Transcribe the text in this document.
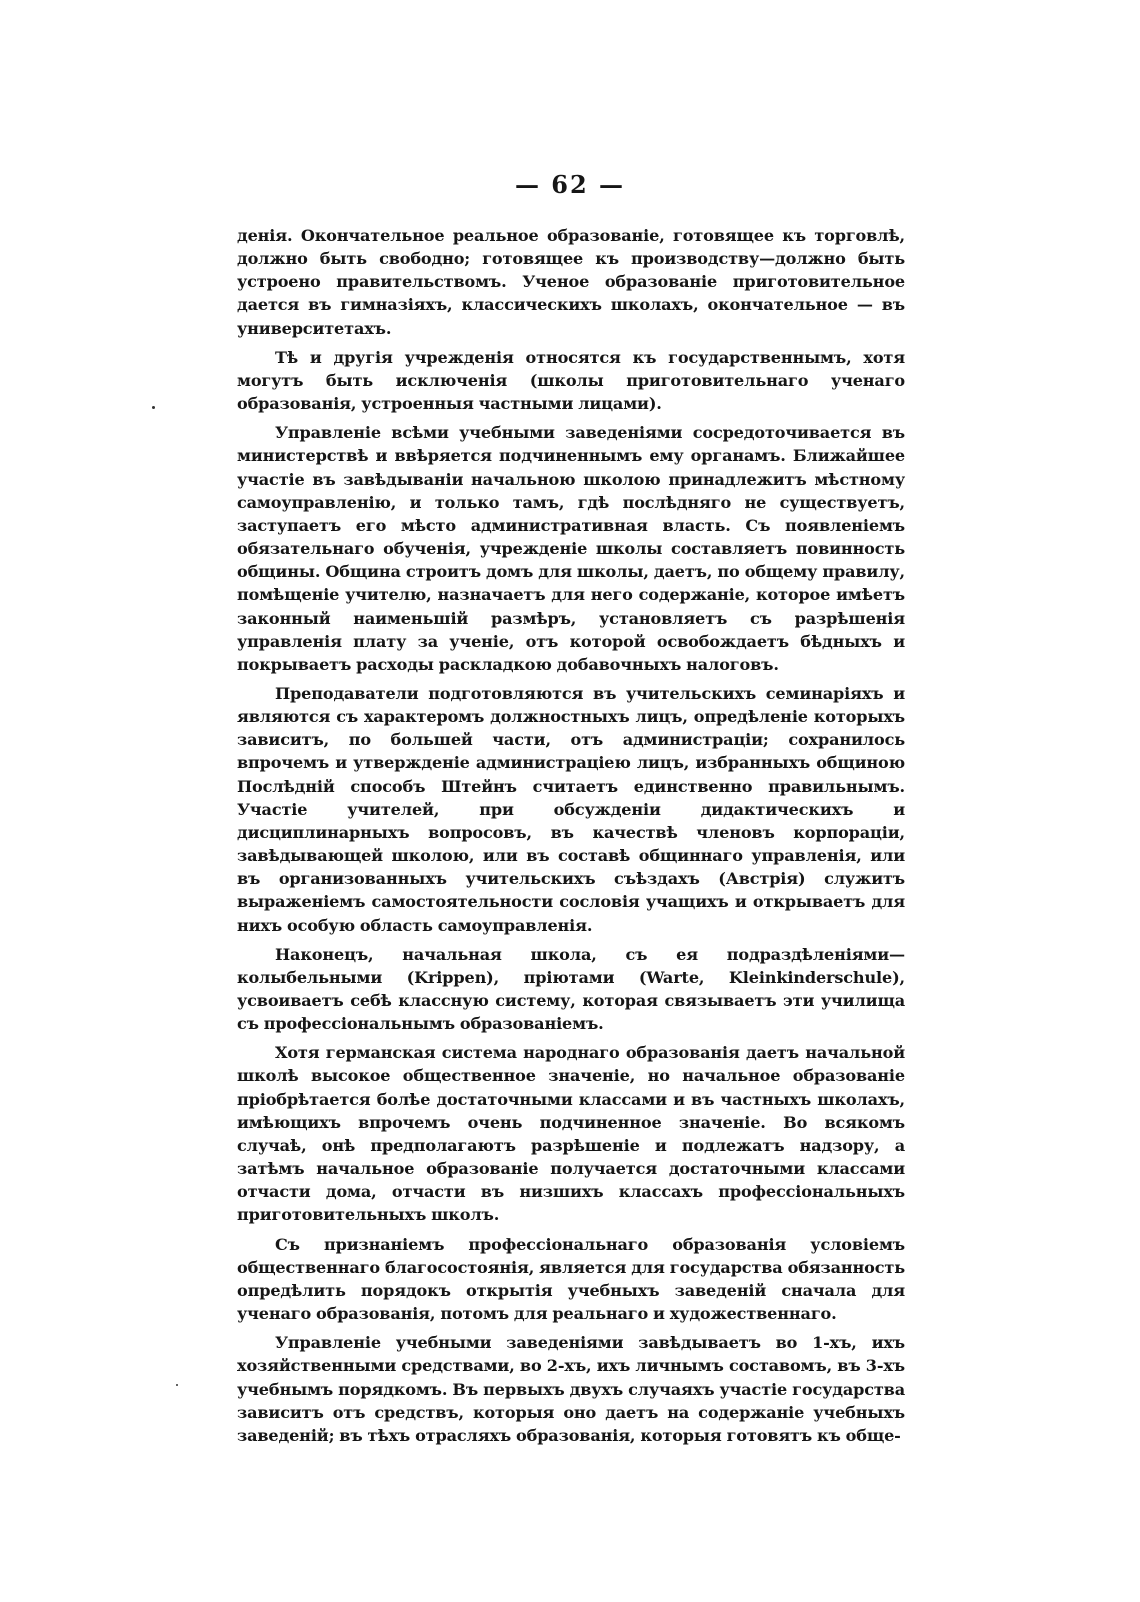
— 62 —

денія. Окончательное реальное образованіе, готовящее къ торговлѣ, должно быть свободно; готовящее къ производству—должно быть устроено правительствомъ. Ученое образованіе приготовительное дается въ гимназіяхъ, классическихъ школахъ, окончательное — въ университетахъ.

Тѣ и другія учрежденія относятся къ государственнымъ, хотя могутъ быть исключенія (школы приготовительнаго ученаго образованія, устроенныя частными лицами).

Управленіе всѣми учебными заведеніями сосредоточивается въ министерствѣ и ввѣряется подчиненнымъ ему органамъ. Ближайшее участіе въ завѣдываніи начальною школою принадлежитъ мѣстному самоуправленію, и только тамъ, гдѣ послѣдняго не существуетъ, заступаетъ его мѣсто административная власть. Съ появленіемъ обязательнаго обученія, учрежденіе школы составляетъ повинность общины. Община строитъ домъ для школы, даетъ, по общему правилу, помѣщеніе учителю, назначаетъ для него содержаніе, которое имѣетъ законный наименьшій размѣръ, установляетъ съ разрѣшенія управленія плату за ученіе, отъ которой освобождаетъ бѣдныхъ и покрываетъ расходы раскладкою добавочныхъ налоговъ.

Преподаватели подготовляются въ учительскихъ семинаріяхъ и являются съ характеромъ должностныхъ лицъ, опредѣленіе которыхъ зависитъ, по большей части, отъ администраціи; сохранилось впрочемъ и утвержденіе администраціею лицъ, избранныхъ общиною Послѣдній способъ Штейнъ считаетъ единственно правильнымъ. Участіе учителей, при обсужденіи дидактическихъ и дисциплинарныхъ вопросовъ, въ качествѣ членовъ корпораціи, завѣдывающей школою, или въ составѣ общиннаго управленія, или въ организованныхъ учительскихъ съѣздахъ (Австрія) служитъ выраженіемъ самостоятельности сословія учащихъ и открываетъ для нихъ особую область самоуправленія.

Наконецъ, начальная школа, съ ея подраздѣленіями—колыбельными (Krippen), пріютами (Warte, Kleinkinderschule), усвоиваетъ себѣ классную систему, которая связываетъ эти училища съ профессіональнымъ образованіемъ.

Хотя германская система народнаго образованія даетъ начальной школѣ высокое общественное значеніе, но начальное образованіе пріобрѣтается болѣе достаточными классами и въ частныхъ школахъ, имѣющихъ впрочемъ очень подчиненное значеніе. Во всякомъ случаѣ, онѣ предполагаютъ разрѣшеніе и подлежатъ надзору, а затѣмъ начальное образованіе получается достаточными классами отчасти дома, отчасти въ низшихъ классахъ профессіональныхъ приготовительныхъ школъ.

Съ признаніемъ профессіональнаго образованія условіемъ общественнаго благосостоянія, является для государства обязанность опредѣлить порядокъ открытія учебныхъ заведеній сначала для ученаго образованія, потомъ для реальнаго и художественнаго.

Управленіе учебными заведеніями завѣдываетъ во 1-хъ, ихъ хозяйственными средствами, во 2-хъ, ихъ личнымъ составомъ, въ 3-хъ учебнымъ порядкомъ. Въ первыхъ двухъ случаяхъ участіе государства зависитъ отъ средствъ, которыя оно даетъ на содержаніе учебныхъ заведеній; въ тѣхъ отрасляхъ образованія, которыя готовятъ къ обще-
